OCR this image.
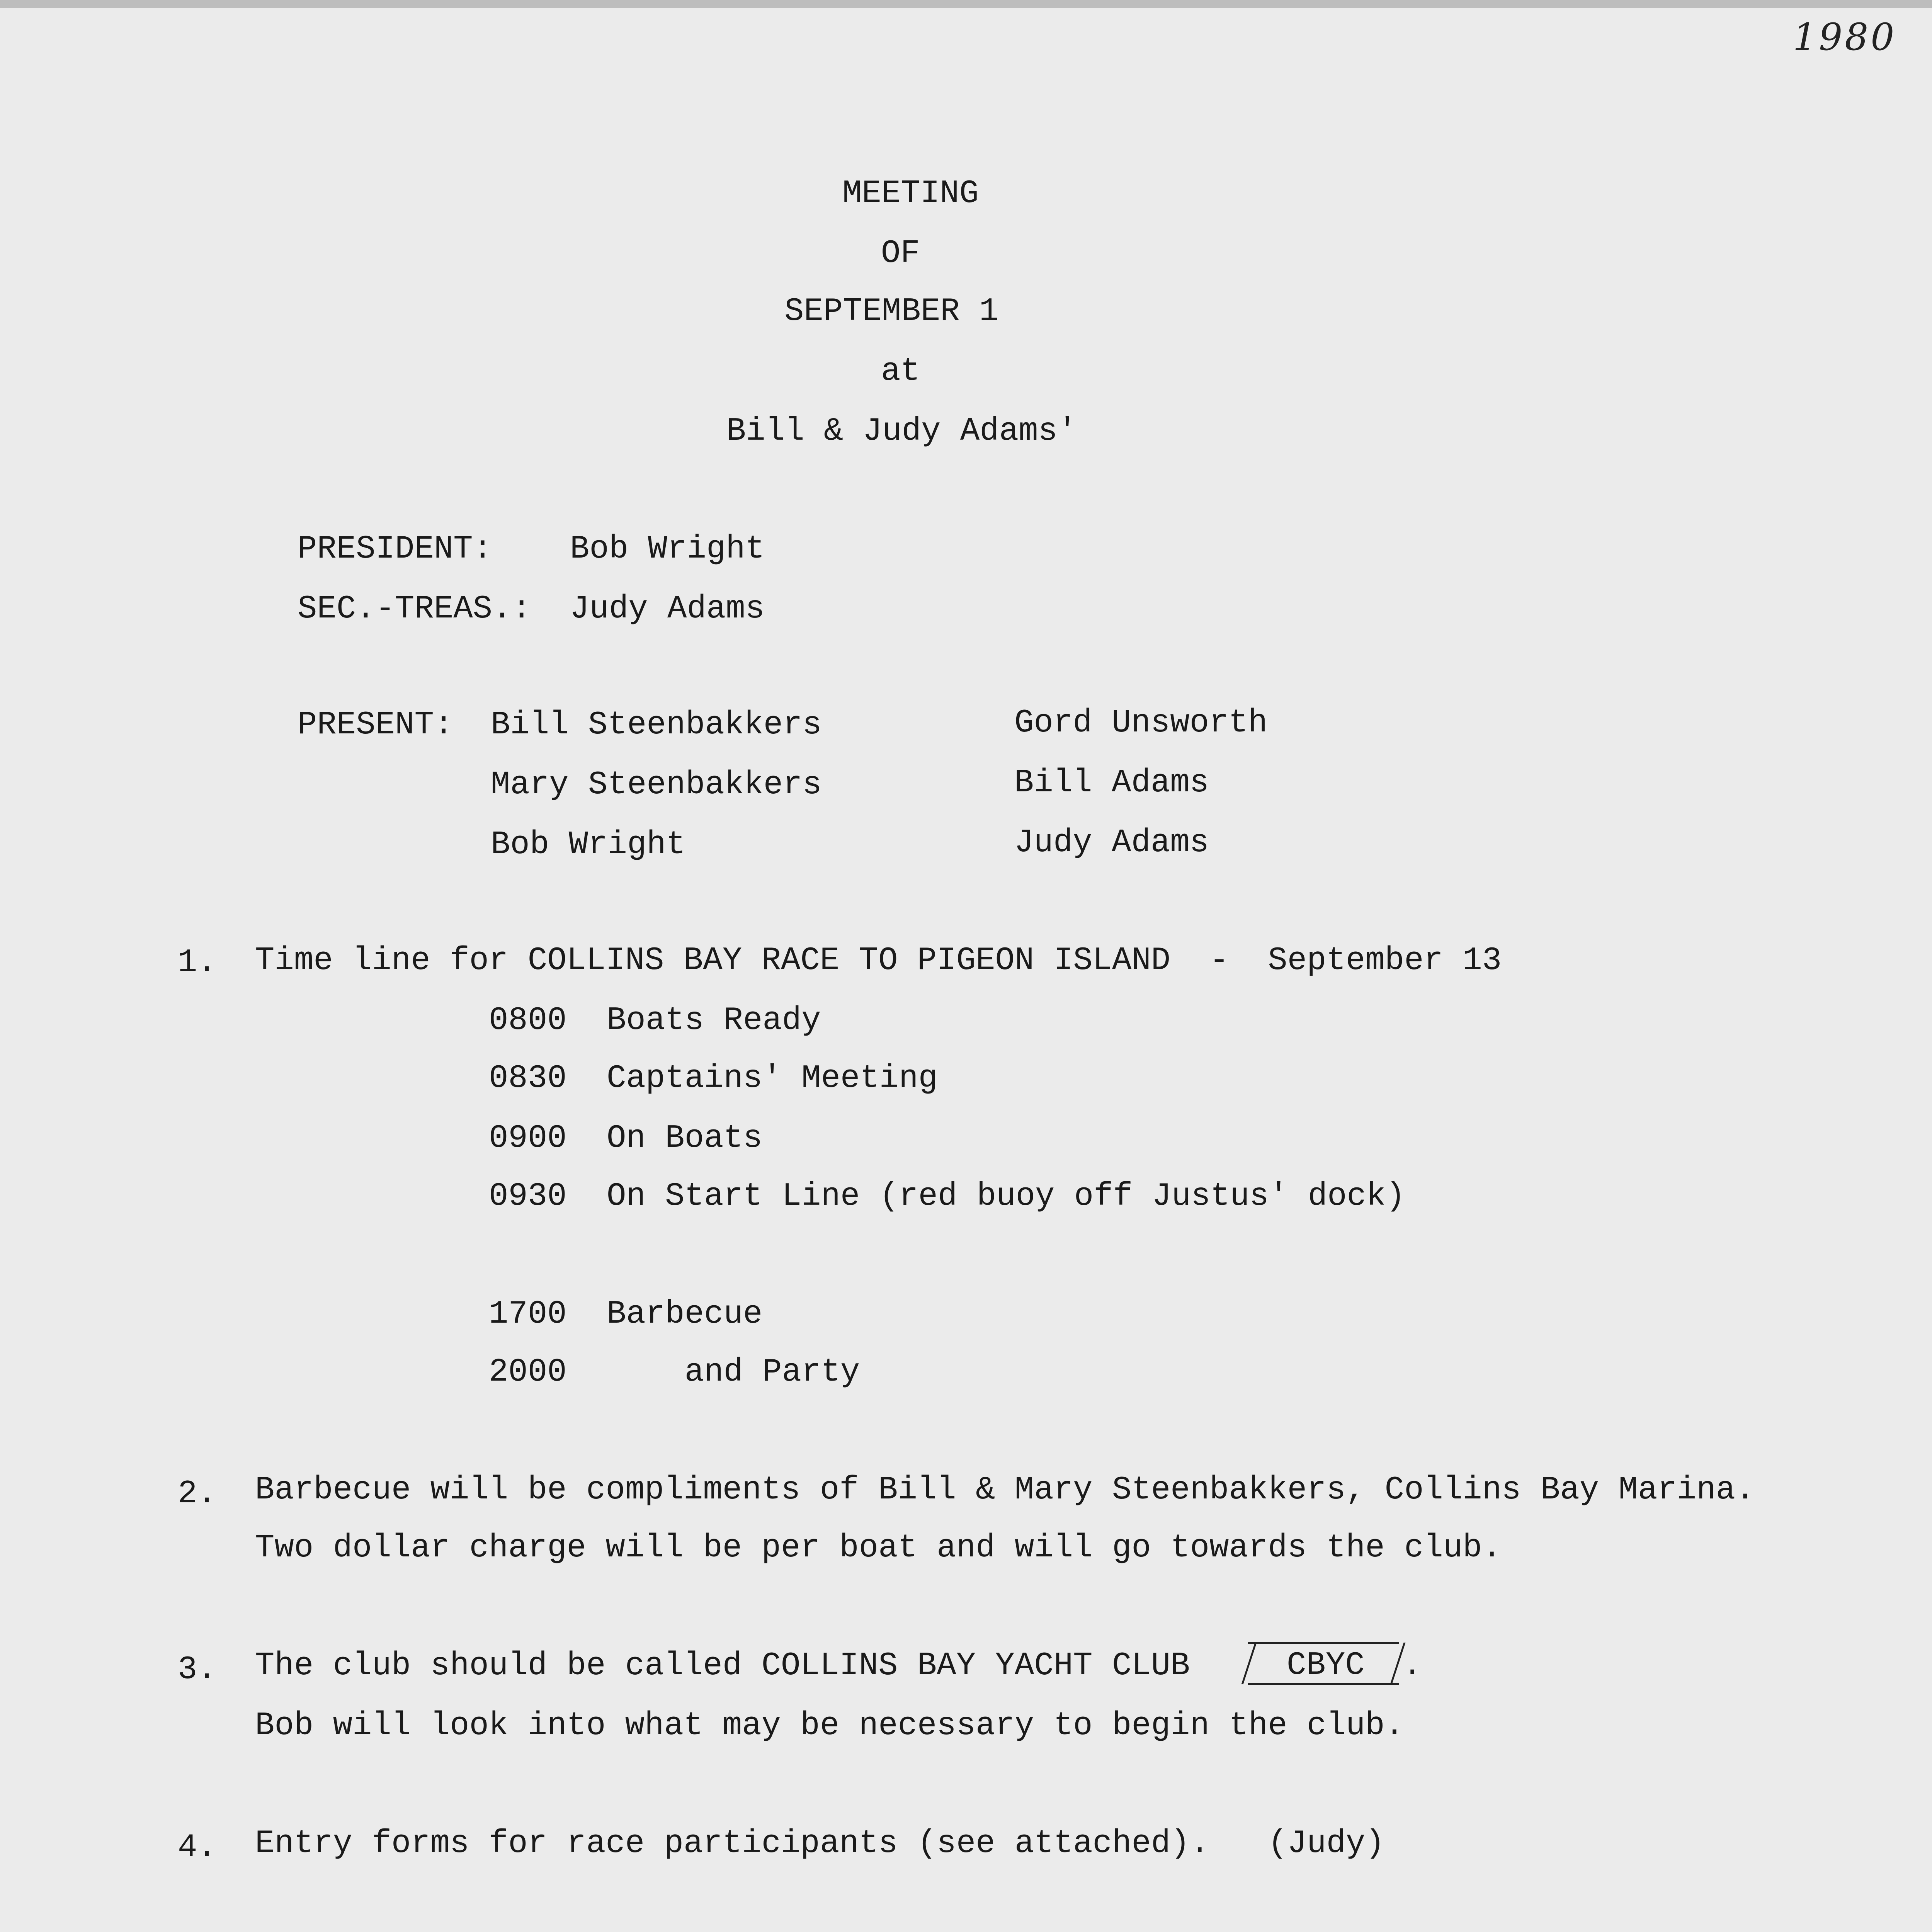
1980
MEETING
OF
SEPTEMBER 1
at
Bill & Judy Adams'
PRESIDENT: Bob Wright
SEC.-TREAS.: Judy Adams
PRESENT: Bill Steenbakkers
Mary Steenbakkers
Bob Wright
Gord Unsworth
Bill Adams
Judy Adams
1. Time line for COLLINS BAY RACE TO PIGEON ISLAND  -  September 13
0800 Boats Ready
0830 Captains' Meeting
0900 On Boats
0930 On Start Line (red buoy off Justus' dock)
1700 Barbecue
2000 and Party
2. Barbecue will be compliments of Bill & Mary Steenbakkers, Collins Bay Marina.
Two dollar charge will be per boat and will go towards the club.
3. The club should be called COLLINS BAY YACHT CLUB	CBYC .
Bob will look into what may be necessary to begin the club.
4. Entry forms for race participants (see attached).   (Judy)
